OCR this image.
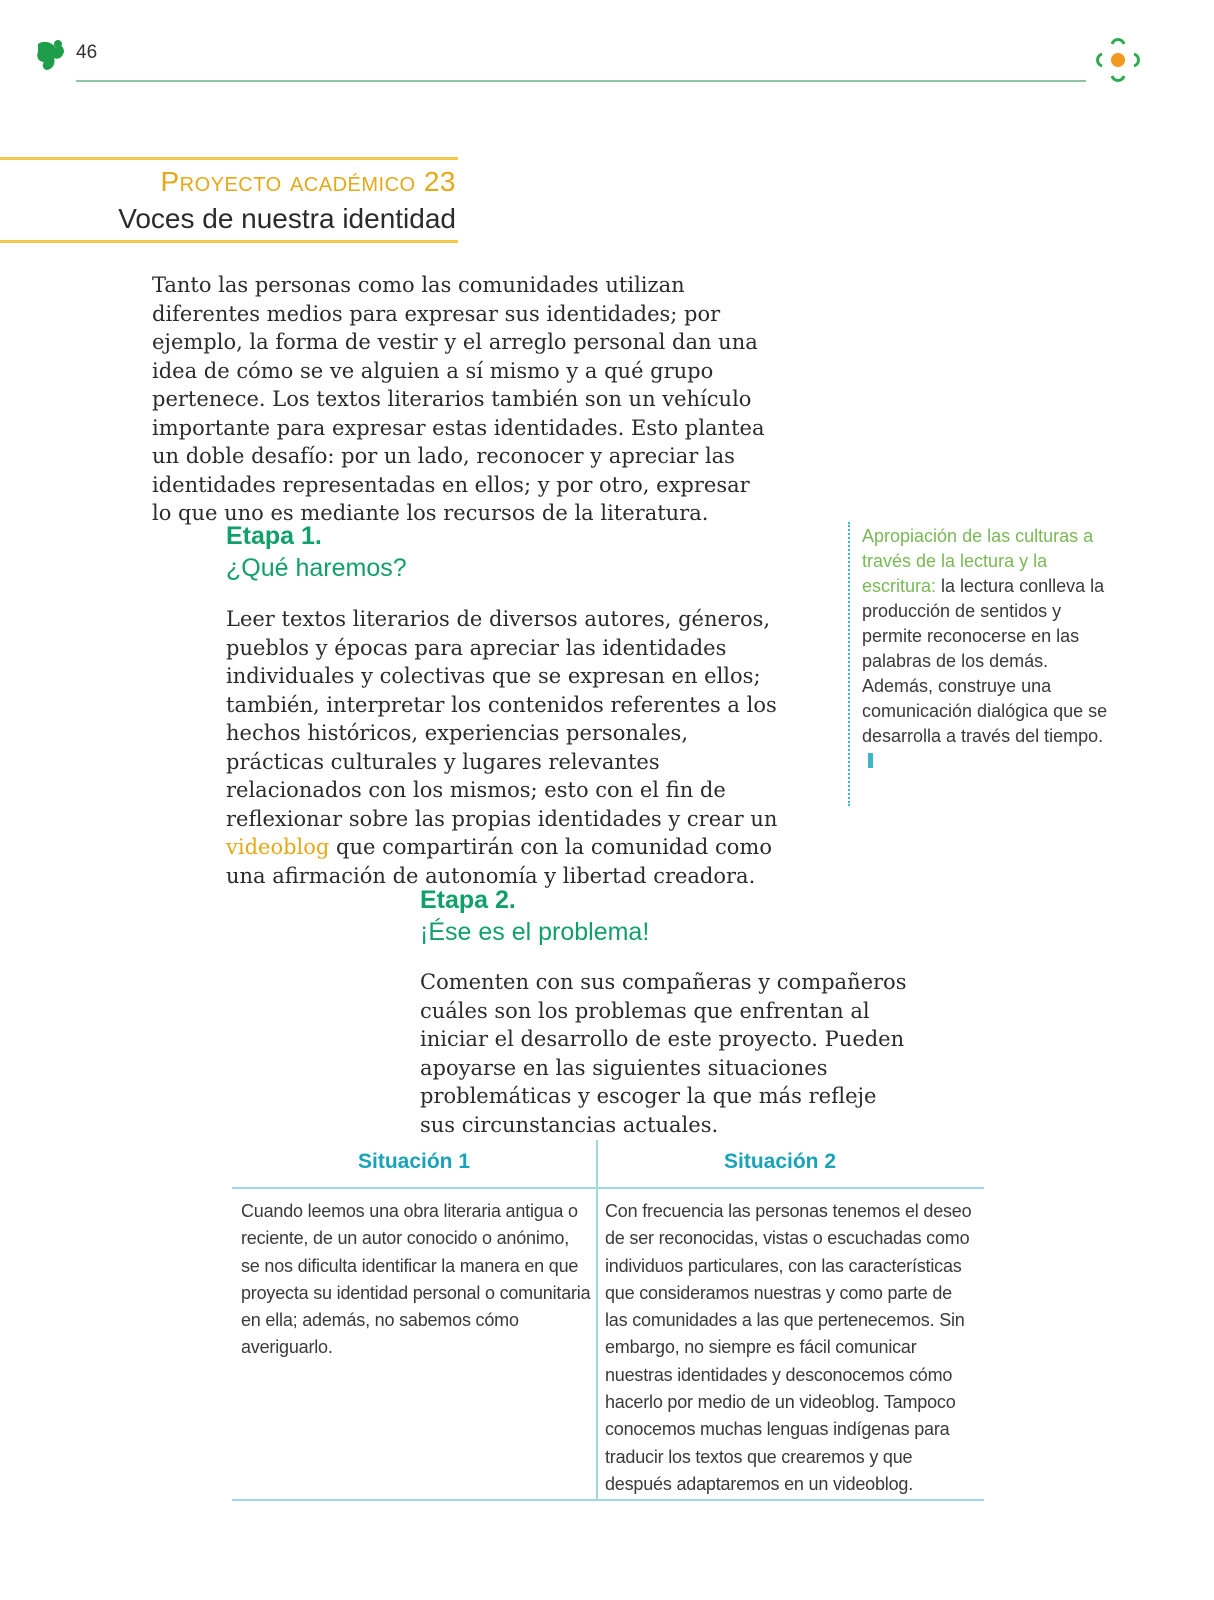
46
Proyecto académico 23
Voces de nuestra identidad

Tanto las personas como las comunidades utilizan diferentes medios para expresar sus identidades; por ejemplo, la forma de vestir y el arreglo personal dan una idea de cómo se ve alguien a sí mismo y a qué grupo pertenece. Los textos literarios también son un vehículo importante para expresar estas identidades. Esto plantea un doble desafío: por un lado, reconocer y apreciar las identidades representadas en ellos; y por otro, expresar lo que uno es mediante los recursos de la literatura.

Etapa 1.
¿Qué haremos?

Leer textos literarios de diversos autores, géneros, pueblos y épocas para apreciar las identidades individuales y colectivas que se expresan en ellos; también, interpretar los contenidos referentes a los hechos históricos, experiencias personales, prácticas culturales y lugares relevantes relacionados con los mismos; esto con el fin de reflexionar sobre las propias identidades y crear un videoblog que compartirán con la comunidad como una afirmación de autonomía y libertad creadora.

Apropiación de las culturas a través de la lectura y la escritura: la lectura conlleva la producción de sentidos y permite reconocerse en las palabras de los demás. Además, construye una comunicación dialógica que se desarrolla a través del tiempo.
Etapa 2.
¡Ése es el problema!

Comenten con sus compañeras y compañeros cuáles son los problemas que enfrentan al iniciar el desarrollo de este proyecto. Pueden apoyarse en las siguientes situaciones problemáticas y escoger la que más refleje sus circunstancias actuales.

Situación 1	Situación 2
Cuando leemos una obra literaria antigua o reciente, de un autor conocido o anónimo, se nos dificulta identificar la manera en que proyecta su identidad personal o comunitaria en ella; además, no sabemos cómo averiguarlo.
Con frecuencia las personas tenemos el deseo de ser reconocidas, vistas o escuchadas como individuos particulares, con las características que consideramos nuestras y como parte de las comunidades a las que pertenecemos. Sin embargo, no siempre es fácil comunicar nuestras identidades y desconocemos cómo hacerlo por medio de un videoblog. Tampoco conocemos muchas lenguas indígenas para traducir los textos que crearemos y que después adaptaremos en un videoblog.
